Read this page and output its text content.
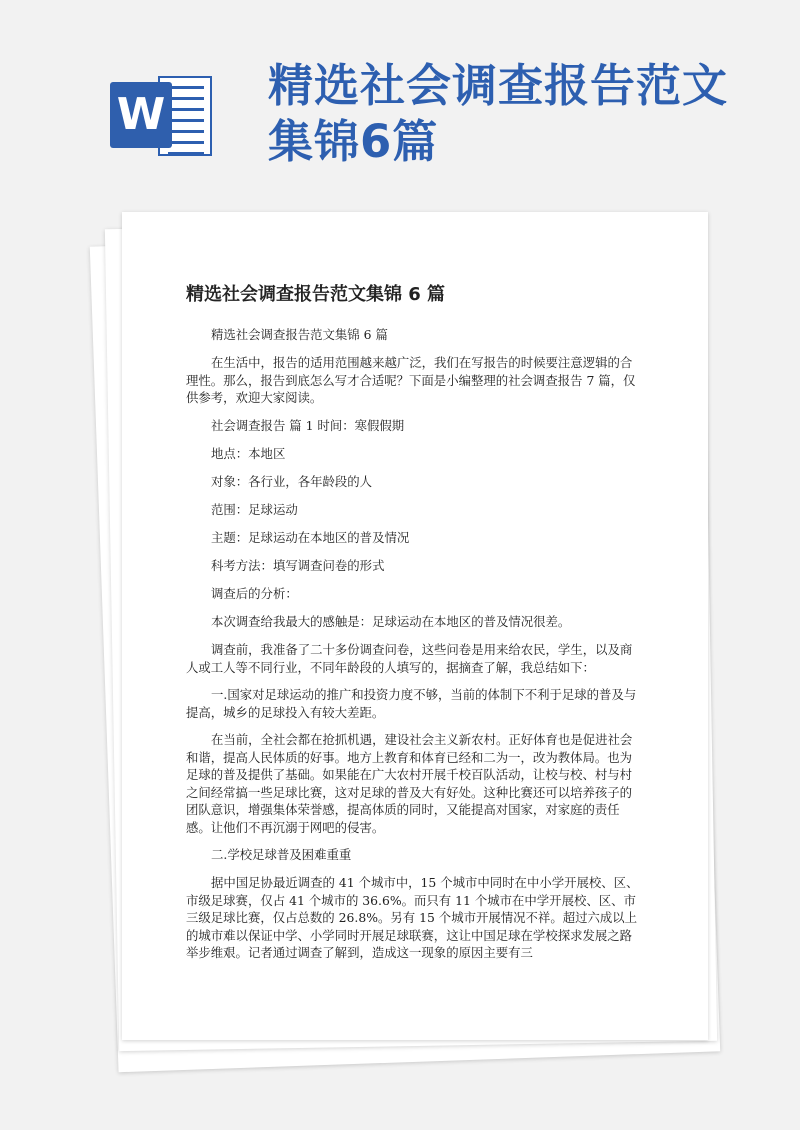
W
精选社会调查报告范文集锦6篇
精选社会调查报告范文集锦 6 篇

精选社会调查报告范文集锦 6 篇

在生活中，报告的适用范围越来越广泛，我们在写报告的时候要注意逻辑的合理性。那么，报告到底怎么写才合适呢？下面是小编整理的社会调查报告 7 篇，仅供参考，欢迎大家阅读。

社会调查报告 篇 1 时间：寒假假期

地点：本地区

对象：各行业，各年龄段的人

范围：足球运动

主题：足球运动在本地区的普及情况

科考方法：填写调查问卷的形式

调查后的分析：

本次调查给我最大的感触是：足球运动在本地区的普及情况很差。

调查前，我准备了二十多份调查问卷，这些问卷是用来给农民，学生，以及商人或工人等不同行业，不同年龄段的人填写的，据摘查了解，我总结如下：

一.国家对足球运动的推广和投资力度不够，当前的体制下不利于足球的普及与提高，城乡的足球投入有较大差距。

在当前，全社会都在抢抓机遇，建设社会主义新农村。正好体育也是促进社会和谐，提高人民体质的好事。地方上教育和体育已经和二为一，改为教体局。也为足球的普及提供了基础。如果能在广大农村开展千校百队活动，让校与校、村与村之间经常搞一些足球比赛，这对足球的普及大有好处。这种比赛还可以培养孩子的团队意识，增强集体荣誉感，提高体质的同时，又能提高对国家，对家庭的责任感。让他们不再沉溺于网吧的侵害。

二.学校足球普及困难重重

据中国足协最近调查的 41 个城市中，15 个城市中同时在中小学开展校、区、市级足球赛，仅占 41 个城市的 36.6%。而只有 11 个城市在中学开展校、区、市三级足球比赛，仅占总数的 26.8%。另有 15 个城市开展情况不祥。超过六成以上的城市难以保证中学、小学同时开展足球联赛，这让中国足球在学校探求发展之路举步维艰。记者通过调查了解到，造成这一现象的原因主要有三
